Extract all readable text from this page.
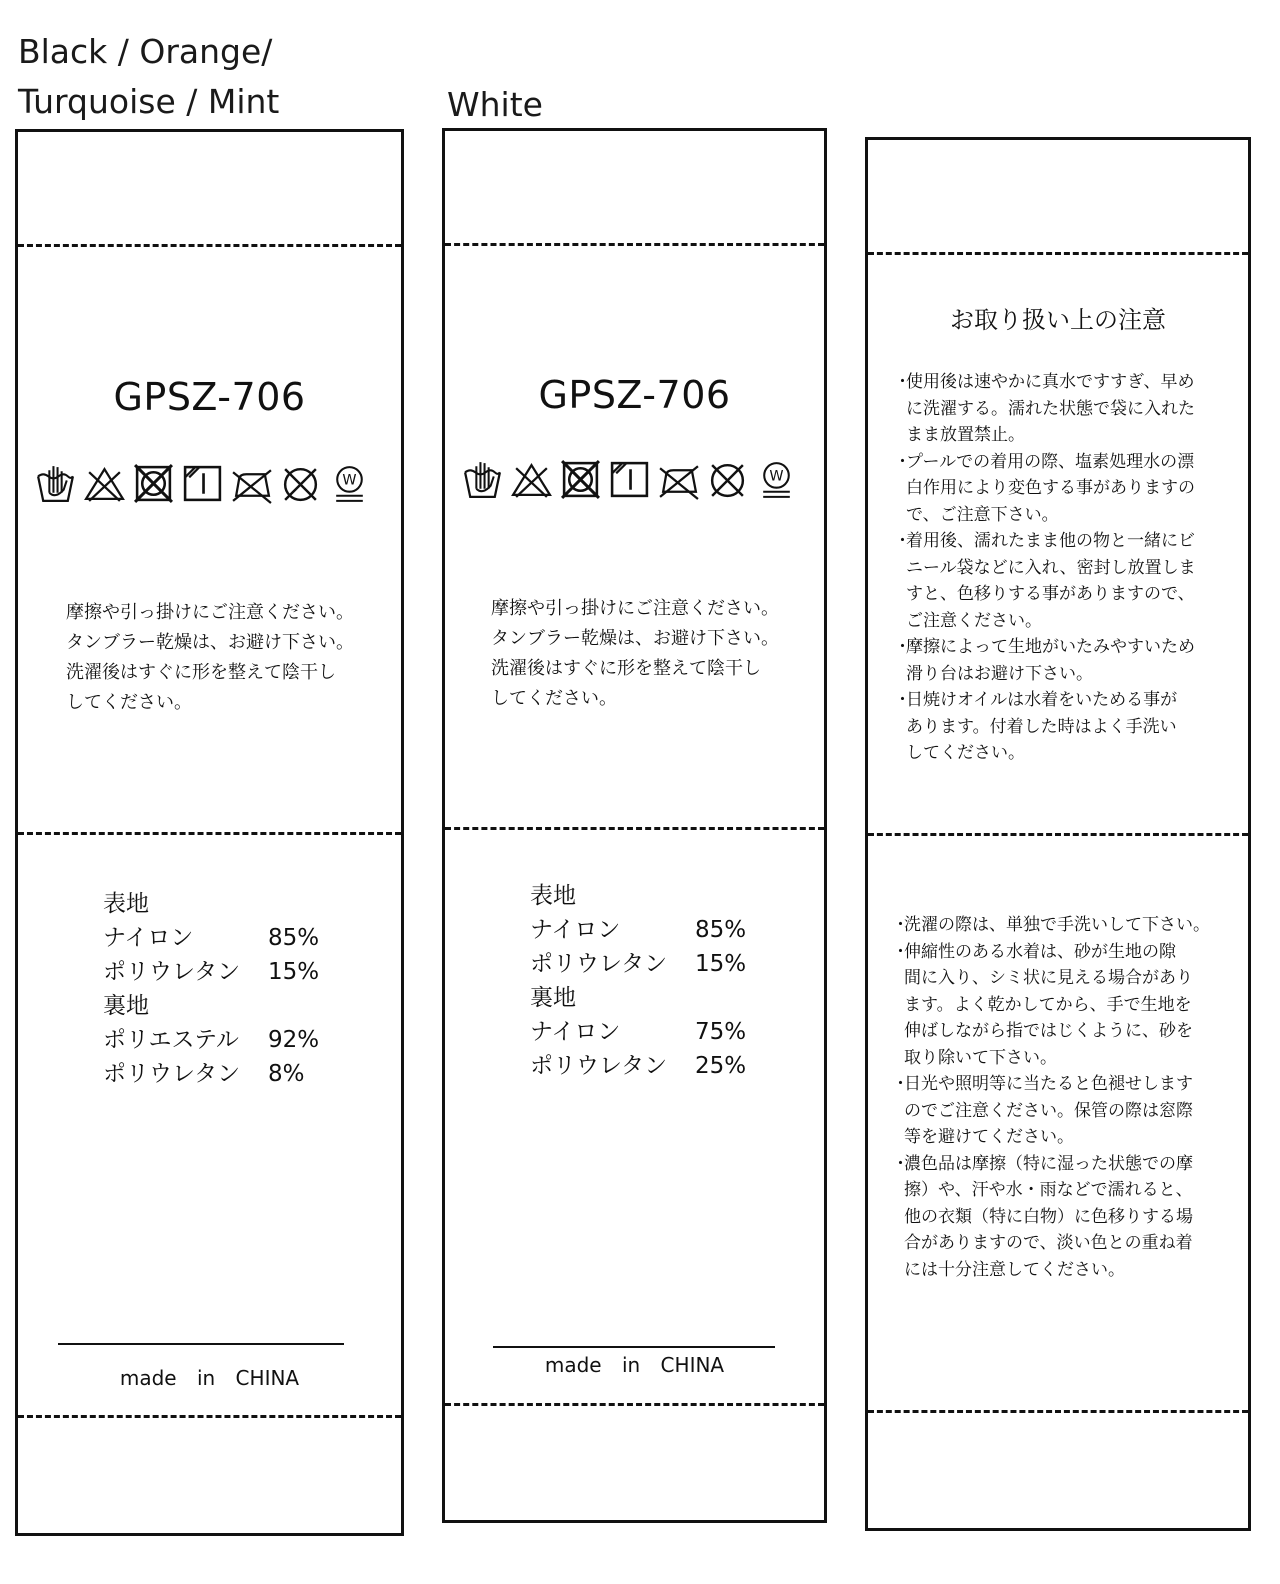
Black / Orange/
Turquoise / Mint	White
GPSZ-706
W
摩擦や引っ掛けにご注意ください。
タンブラー乾燥は、お避け下さい。
洗濯後はすぐに形を整えて陰干し
してください。
表地
ナイロン	85%
ポリウレタン	15%
裏地
ポリエステル	92%
ポリウレタン	8%
made in CHINA
GPSZ-706
W
摩擦や引っ掛けにご注意ください。
タンブラー乾燥は、お避け下さい。
洗濯後はすぐに形を整えて陰干し
してください。
表地
ナイロン	85%
ポリウレタン	15%
裏地
ナイロン	75%
ポリウレタン	25%
made in CHINA
お取り扱い上の注意
・
使用後は速やかに真水ですすぎ、早め
に洗濯する。濡れた状態で袋に入れた
まま放置禁止。
・
プールでの着用の際、塩素処理水の漂
白作用により変色する事がありますの
で、ご注意下さい。
・
着用後、濡れたまま他の物と一緒にビ
ニール袋などに入れ、密封し放置しま
すと、色移りする事がありますので、
ご注意ください。
・
摩擦によって生地がいたみやすいため
滑り台はお避け下さい。
・
日焼けオイルは水着をいためる事が
あります。付着した時はよく手洗い
してください。
・
洗濯の際は、単独で手洗いして下さい。
・
伸縮性のある水着は、砂が生地の隙
間に入り、シミ状に見える場合があり
ます。よく乾かしてから、手で生地を
伸ばしながら指ではじくように、砂を
取り除いて下さい。
・
日光や照明等に当たると色褪せします
のでご注意ください。保管の際は窓際
等を避けてください。
・
濃色品は摩擦（特に湿った状態での摩
擦）や、汗や水・雨などで濡れると、
他の衣類（特に白物）に色移りする場
合がありますので、淡い色との重ね着
には十分注意してください。
